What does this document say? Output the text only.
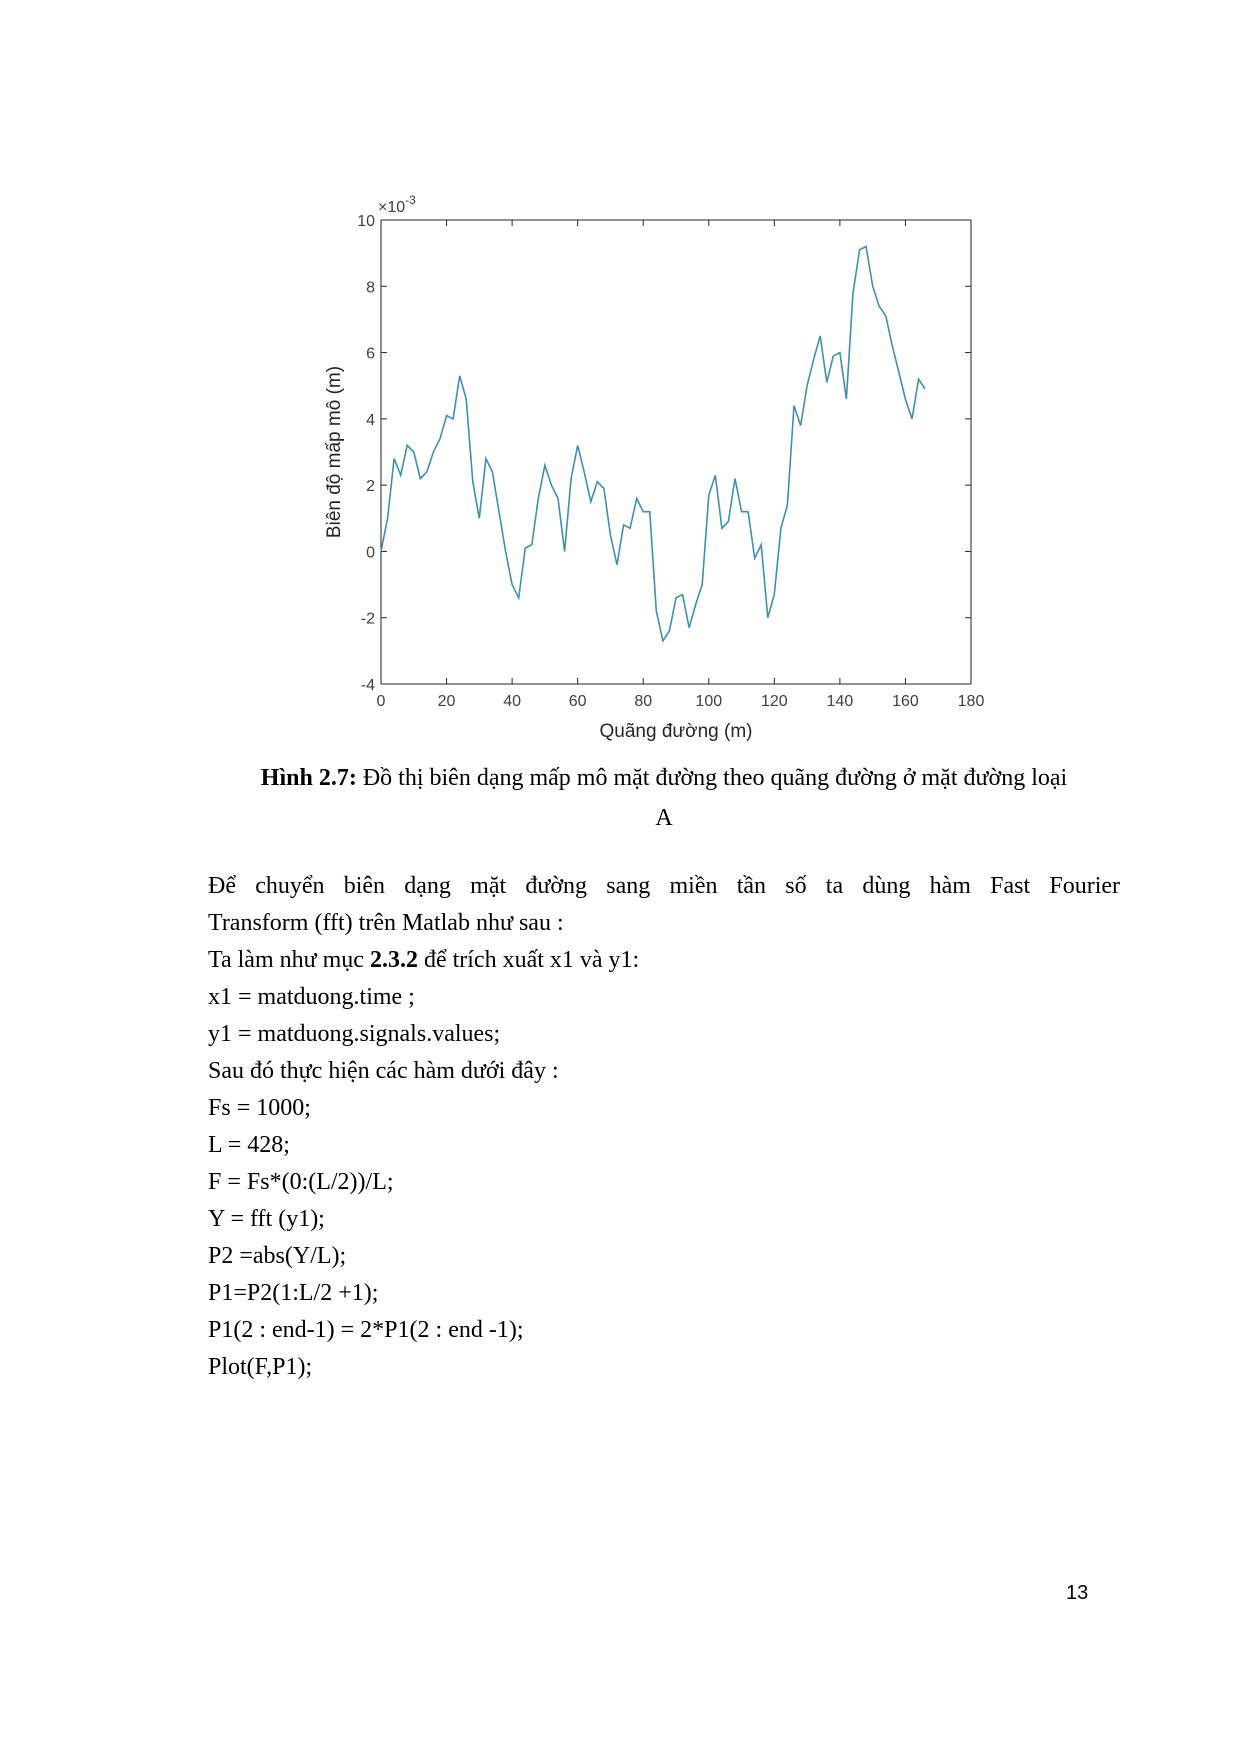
$\times 10^{-3}$
0	20	40	60	80	100 120 140 160 180
-4
-2
0
2
4
6
8
10
Quãng đường (m)
Biên độ mấp mô (m)
Hình 2.7: Đồ thị biên dạng mấp mô mặt đường theo quãng đường ở mặt đường loại
A

Để chuyển biên dạng mặt đường sang miền tần số ta dùng hàm Fast Fourier

Transform (fft) trên Matlab như sau :

Ta làm như mục 2.3.2 để trích xuất x1 và y1:

x1 = matduong.time ;

y1 = matduong.signals.values;

Sau đó thực hiện các hàm dưới đây :

Fs = 1000;

L = 428;

F = Fs*(0:(L/2))/L;

Y = fft (y1);

P2 =abs(Y/L);

P1=P2(1:L/2 +1);

P1(2 : end-1) = 2*P1(2 : end -1);

Plot(F,P1);

13
